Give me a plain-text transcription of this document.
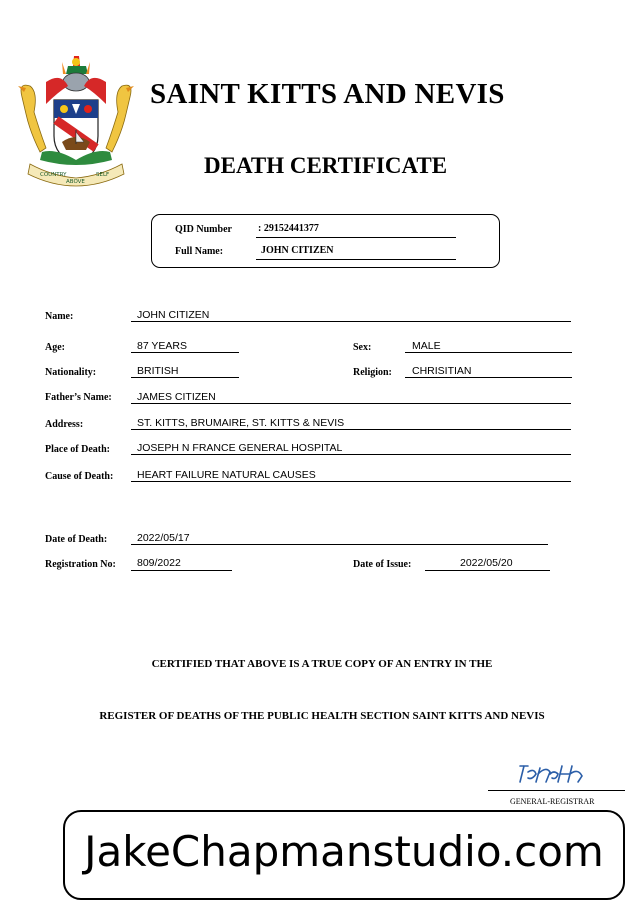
COUNTRY
ABOVE
SELF
SAINT KITTS AND NEVIS
DEATH CERTIFICATE
QID Number	: 29152441377
Full Name:	JOHN CITIZEN
Name:	JOHN CITIZEN
Age:	87 YEARS	Sex:	MALE
Nationality:	BRITISH	Religion: CHRISITIAN
Father’s Name: JAMES CITIZEN
Address:	ST. KITTS, BRUMAIRE, ST. KITTS & NEVIS
Place of Death:	JOSEPH N FRANCE GENERAL HOSPITAL
Cause of Death: HEART FAILURE NATURAL CAUSES
Date of Death:	2022/05/17
Registration No: 809/2022	Date of Issue:	2022/05/20
CERTIFIED THAT ABOVE IS A TRUE COPY OF AN ENTRY IN THE
REGISTER OF DEATHS OF THE PUBLIC HEALTH SECTION SAINT KITTS AND NEVIS
GENERAL-REGISTRAR
JakeChapmanstudio.com
